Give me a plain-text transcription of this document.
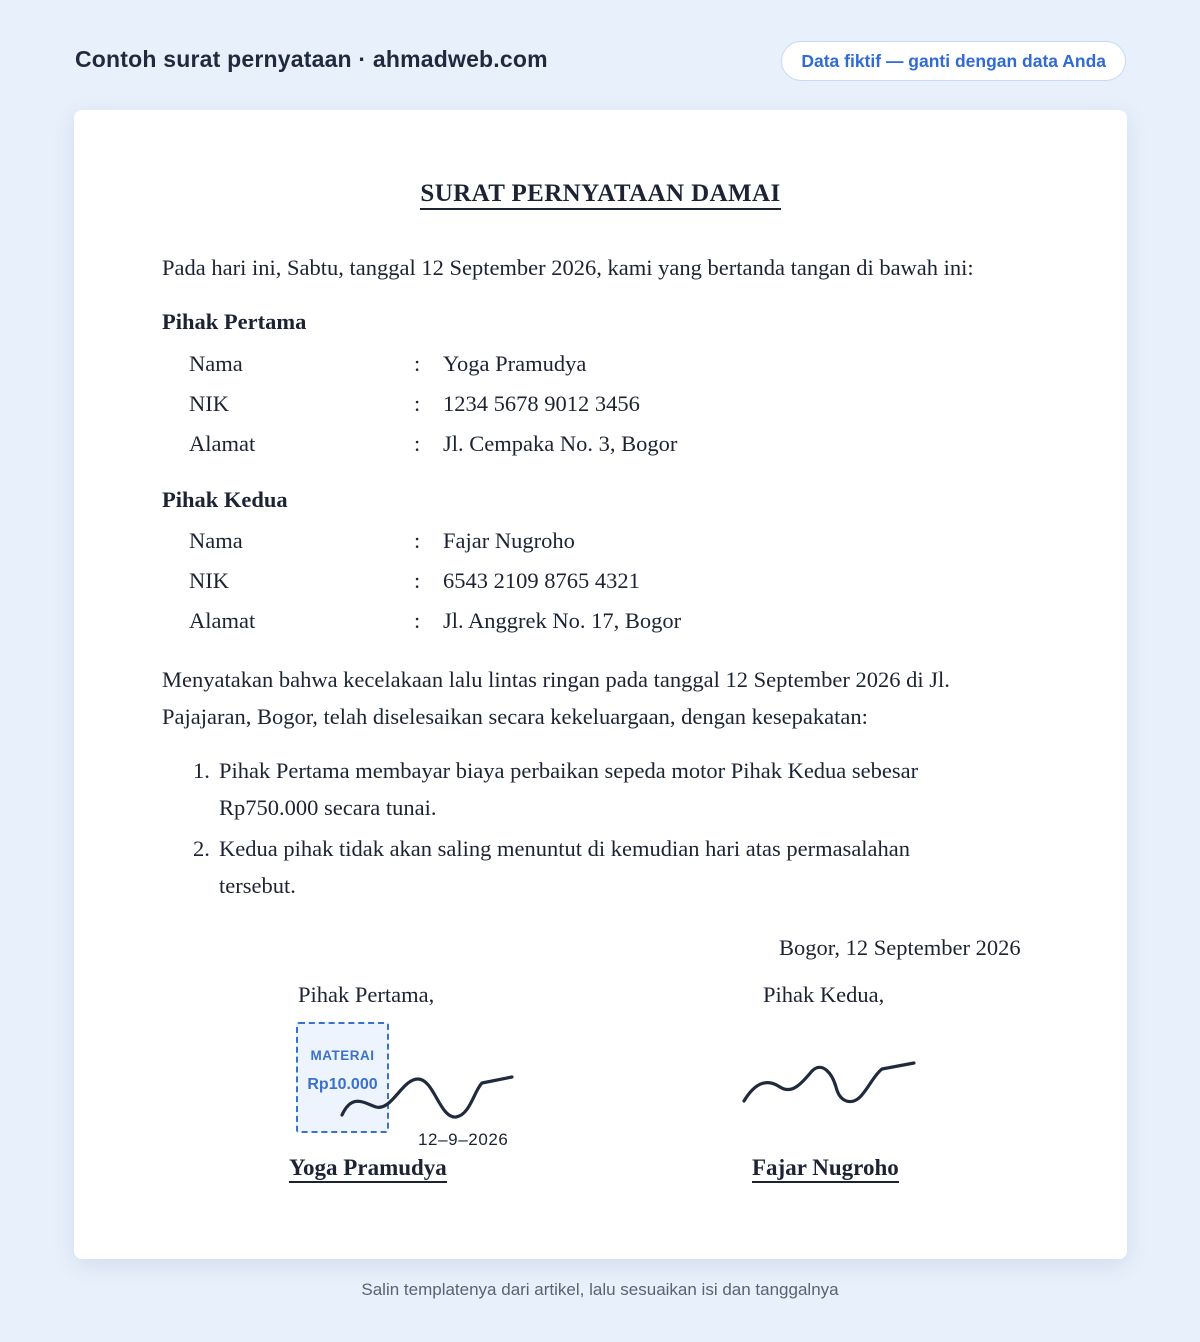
Contoh surat pernyataan · ahmadweb.com	Data fiktif — ganti dengan data Anda
SURAT PERNYATAAN DAMAI
Pada hari ini, Sabtu, tanggal 12 September 2026, kami yang bertanda tangan di bawah ini:
Pihak Pertama
Nama	: Yoga Pramudya
NIK	: 1234 5678 9012 3456
Alamat	: Jl. Cempaka No. 3, Bogor
Pihak Kedua
Nama	: Fajar Nugroho
NIK	: 6543 2109 8765 4321
Alamat	: Jl. Anggrek No. 17, Bogor
Menyatakan bahwa kecelakaan lalu lintas ringan pada tanggal 12 September 2026 di Jl. Pajajaran, Bogor, telah diselesaikan secara kekeluargaan, dengan kesepakatan:
1. Pihak Pertama membayar biaya perbaikan sepeda motor Pihak Kedua sebesar Rp750.000 secara tunai.
2. Kedua pihak tidak akan saling menuntut di kemudian hari atas permasalahan tersebut.
Bogor, 12 September 2026
Pihak Pertama,	Pihak Kedua,
MATERAI
Rp10.000
12–9–2026
Yoga Pramudya	Fajar Nugroho
Salin templatenya dari artikel, lalu sesuaikan isi dan tanggalnya
